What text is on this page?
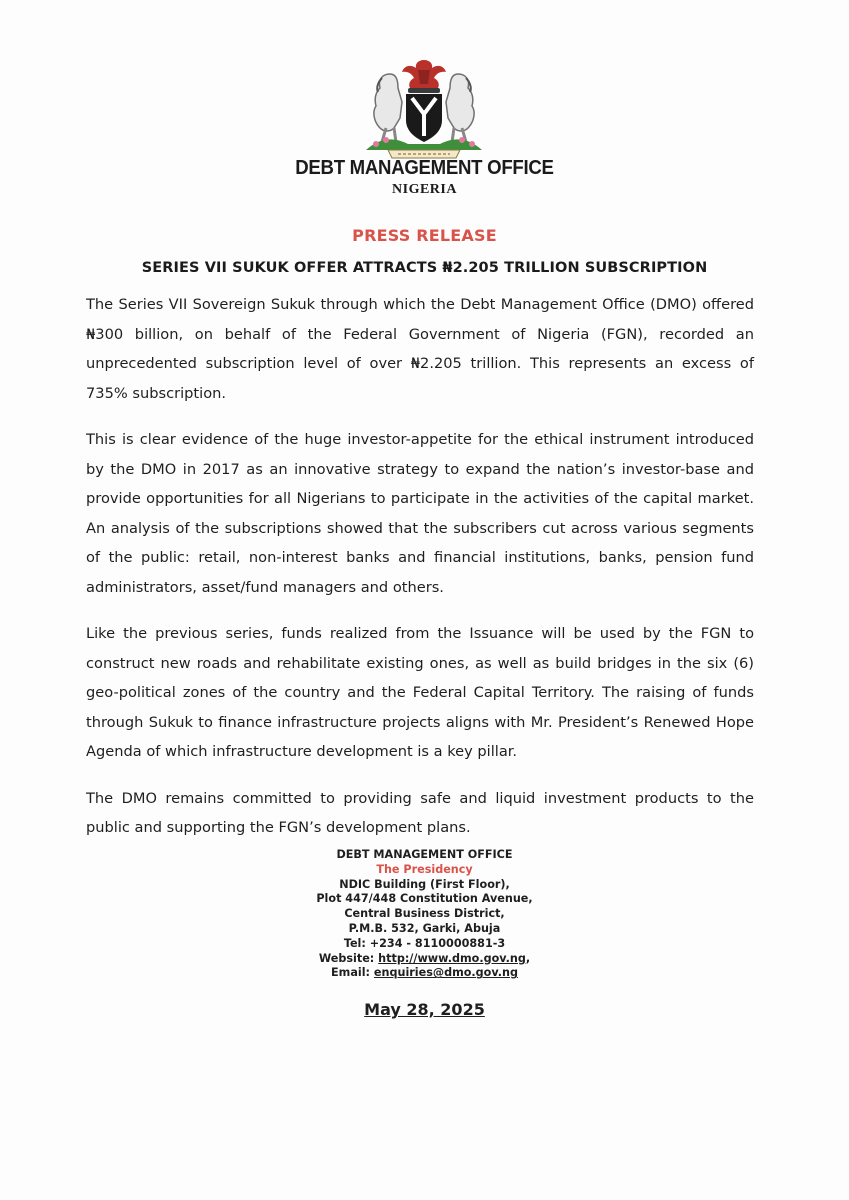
DEBT MANAGEMENT OFFICE
NIGERIA
PRESS RELEASE
SERIES VII SUKUK OFFER ATTRACTS ₦2.205 TRILLION SUBSCRIPTION

The Series VII Sovereign Sukuk through which the Debt Management Office (DMO) offered ₦300 billion, on behalf of the Federal Government of Nigeria (FGN), recorded an unprecedented subscription level of over ₦2.205 trillion. This represents an excess of 735% subscription.

This is clear evidence of the huge investor-appetite for the ethical instrument introduced by the DMO in 2017 as an innovative strategy to expand the nation’s investor-base and provide opportunities for all Nigerians to participate in the activities of the capital market. An analysis of the subscriptions showed that the subscribers cut across various segments of the public: retail, non-interest banks and financial institutions, banks, pension fund administrators, asset/fund managers and others.

Like the previous series, funds realized from the Issuance will be used by the FGN to construct new roads and rehabilitate existing ones, as well as build bridges in the six (6) geo-political zones of the country and the Federal Capital Territory. The raising of funds through Sukuk to finance infrastructure projects aligns with Mr. President’s Renewed Hope Agenda of which infrastructure development is a key pillar.

The DMO remains committed to providing safe and liquid investment products to the public and supporting the FGN’s development plans.

DEBT MANAGEMENT OFFICE
The Presidency
NDIC Building (First Floor),
Plot 447/448 Constitution Avenue,
Central Business District,
P.M.B. 532, Garki, Abuja
Tel: +234 - 8110000881-3
Website: http://www.dmo.gov.ng,
Email: enquiries@dmo.gov.ng
May 28, 2025
